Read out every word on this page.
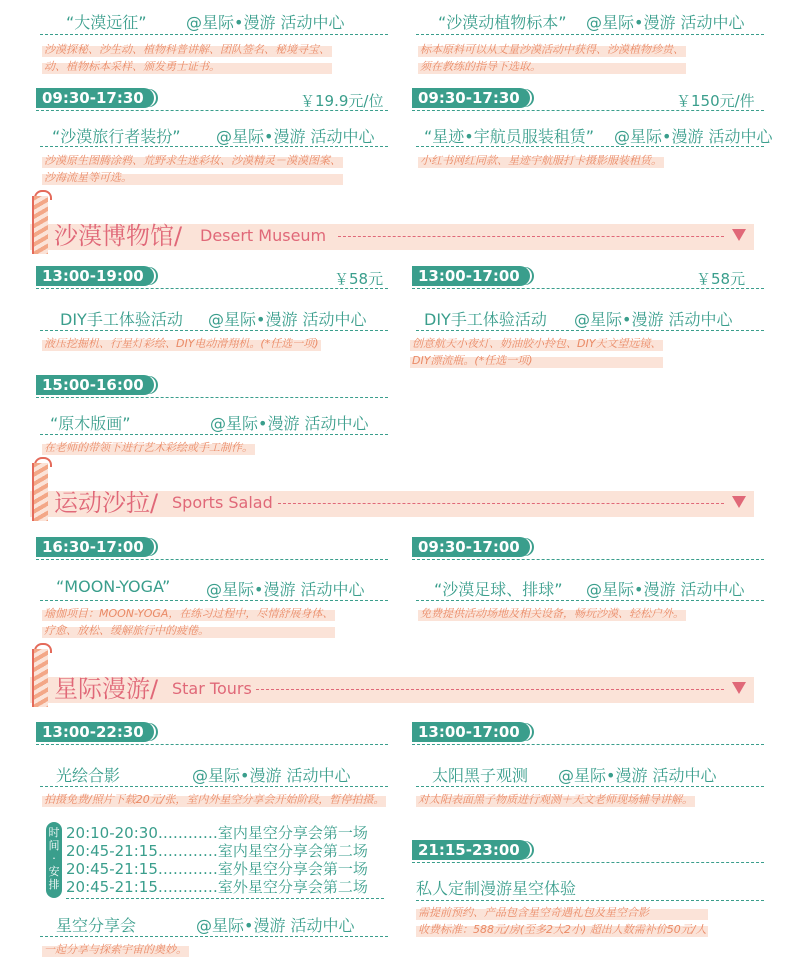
“大漠远征” @星际•漫游 活动中心
沙漠探秘、沙生动、植物科普讲解、团队签名、秘境寻宝、
动、植物标本采样、颁发勇士证书。
“沙漠动植物标本” @星际•漫游 活动中心
标本原料可以从丈量沙漠活动中获得、沙漠植物珍贵、
须在教练的指导下选取。
09:30-17:30	￥19.9元/位
“沙漠旅行者装扮” @星际•漫游 活动中心
沙漠原生图腾涂鸦、荒野求生迷彩妆、沙漠精灵－漠漠图案、
沙海流星等可选。
09:30-17:30	￥150元/件
“星迹•宇航员服装租赁” @星际•漫游 活动中心
小红书网红同款、星迹宇航服打卡摄影服装租赁。
沙漠博物馆/ Desert Museum
13:00-19:00	￥58元
DIY手工体验活动 @星际•漫游 活动中心
液压挖掘机、行星灯彩绘、DIY电动滑翔机。(*任选一项)
13:00-17:00	￥58元
DIY手工体验活动 @星际•漫游 活动中心
创意航天小夜灯、奶油胶小拎包、DIY天文望远镜、
DIY漂流瓶。(*任选一项)
15:00-16:00
“原木版画”	@星际•漫游 活动中心
在老师的带领下进行艺术彩绘或手工制作。
运动沙拉/ Sports Salad
16:30-17:00
“MOON-YOGA” @星际•漫游 活动中心
瑜伽项目：MOON-YOGA，在练习过程中，尽情舒展身体、
疗愈、放松、缓解旅行中的疲倦。
09:30-17:00
“沙漠足球、排球” @星际•漫游 活动中心
免费提供活动场地及相关设备，畅玩沙漠、轻松户外。
星际漫游/ Star Tours
13:00-22:30
光绘合影	@星际•漫游 活动中心
拍摄免费/照片下载20元/张，室内外星空分享会开始阶段，暂停拍摄。
时
间
·
安
排
20:10-20:30…………室内星空分享会第一场
20:45-21:15…………室内星空分享会第二场
20:45-21:15…………室外星空分享会第一场
20:45-21:15…………室外星空分享会第二场
星空分享会	@星际•漫游 活动中心
一起分享与探索宇宙的奥妙。
13:00-17:00
太阳黑子观测 @星际•漫游 活动中心
对太阳表面黑子物质进行观测＋天文老师现场辅导讲解。
21:15-23:00
私人定制漫游星空体验
需提前预约、产品包含星空奇遇礼包及星空合影
收费标准：588元/房(至多2大2小) 超出人数需补价50元/人
